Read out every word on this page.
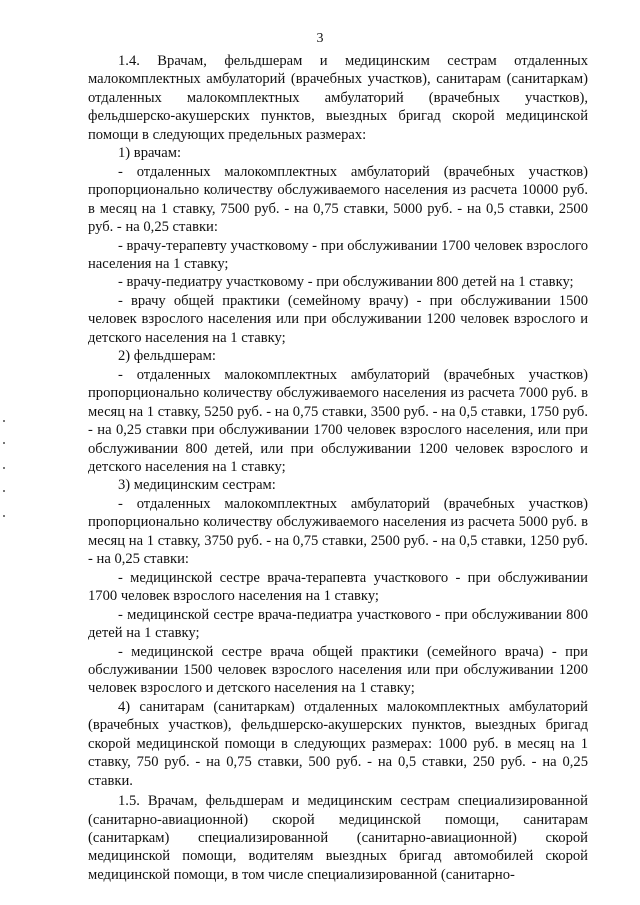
3

1.4. Врачам, фельдшерам и медицинским сестрам отдаленных малокомплектных амбулаторий (врачебных участков), санитарам (санитаркам) отдаленных малокомплектных амбулаторий (врачебных участков), фельдшерско-акушерских пунктов, выездных бригад скорой медицинской помощи в следующих предельных размерах:

1) врачам:

- отдаленных малокомплектных амбулаторий (врачебных участков) пропорционально количеству обслуживаемого населения из расчета 10000 руб. в месяц на 1 ставку, 7500 руб. - на 0,75 ставки, 5000 руб. - на 0,5 ставки, 2500 руб. - на 0,25 ставки:

- врачу-терапевту участковому - при обслуживании 1700 человек взрослого населения на 1 ставку;

- врачу-педиатру участковому - при обслуживании 800 детей на 1 ставку;

- врачу общей практики (семейному врачу) - при обслуживании 1500 человек взрослого населения или при обслуживании 1200 человек взрослого и детского населения на 1 ставку;

2) фельдшерам:

- отдаленных малокомплектных амбулаторий (врачебных участков) пропорционально количеству обслуживаемого населения из расчета 7000 руб. в месяц на 1 ставку, 5250 руб. - на 0,75 ставки, 3500 руб. - на 0,5 ставки, 1750 руб. - на 0,25 ставки при обслуживании 1700 человек взрослого населения, или при обслуживании 800 детей, или при обслуживании 1200 человек взрослого и детского населения на 1 ставку;

3) медицинским сестрам:

- отдаленных малокомплектных амбулаторий (врачебных участков) пропорционально количеству обслуживаемого населения из расчета 5000 руб. в месяц на 1 ставку, 3750 руб. - на 0,75 ставки, 2500 руб. - на 0,5 ставки, 1250 руб. - на 0,25 ставки:

- медицинской сестре врача-терапевта участкового - при обслуживании 1700 человек взрослого населения на 1 ставку;

- медицинской сестре врача-педиатра участкового - при обслуживании 800 детей на 1 ставку;

- медицинской сестре врача общей практики (семейного врача) - при обслуживании 1500 человек взрослого населения или при обслуживании 1200 человек взрослого и детского населения на 1 ставку;

4) санитарам (санитаркам) отдаленных малокомплектных амбулаторий (врачебных участков), фельдшерско-акушерских пунктов, выездных бригад скорой медицинской помощи в следующих размерах: 1000 руб. в месяц на 1 ставку, 750 руб. - на 0,75 ставки, 500 руб. - на 0,5 ставки, 250 руб. - на 0,25 ставки.

1.5. Врачам, фельдшерам и медицинским сестрам специализированной (санитарно-авиационной) скорой медицинской помощи, санитарам (санитаркам) специализированной (санитарно-авиационной) скорой медицинской помощи, водителям выездных бригад автомобилей скорой медицинской помощи, в том числе специализированной (санитарно-
